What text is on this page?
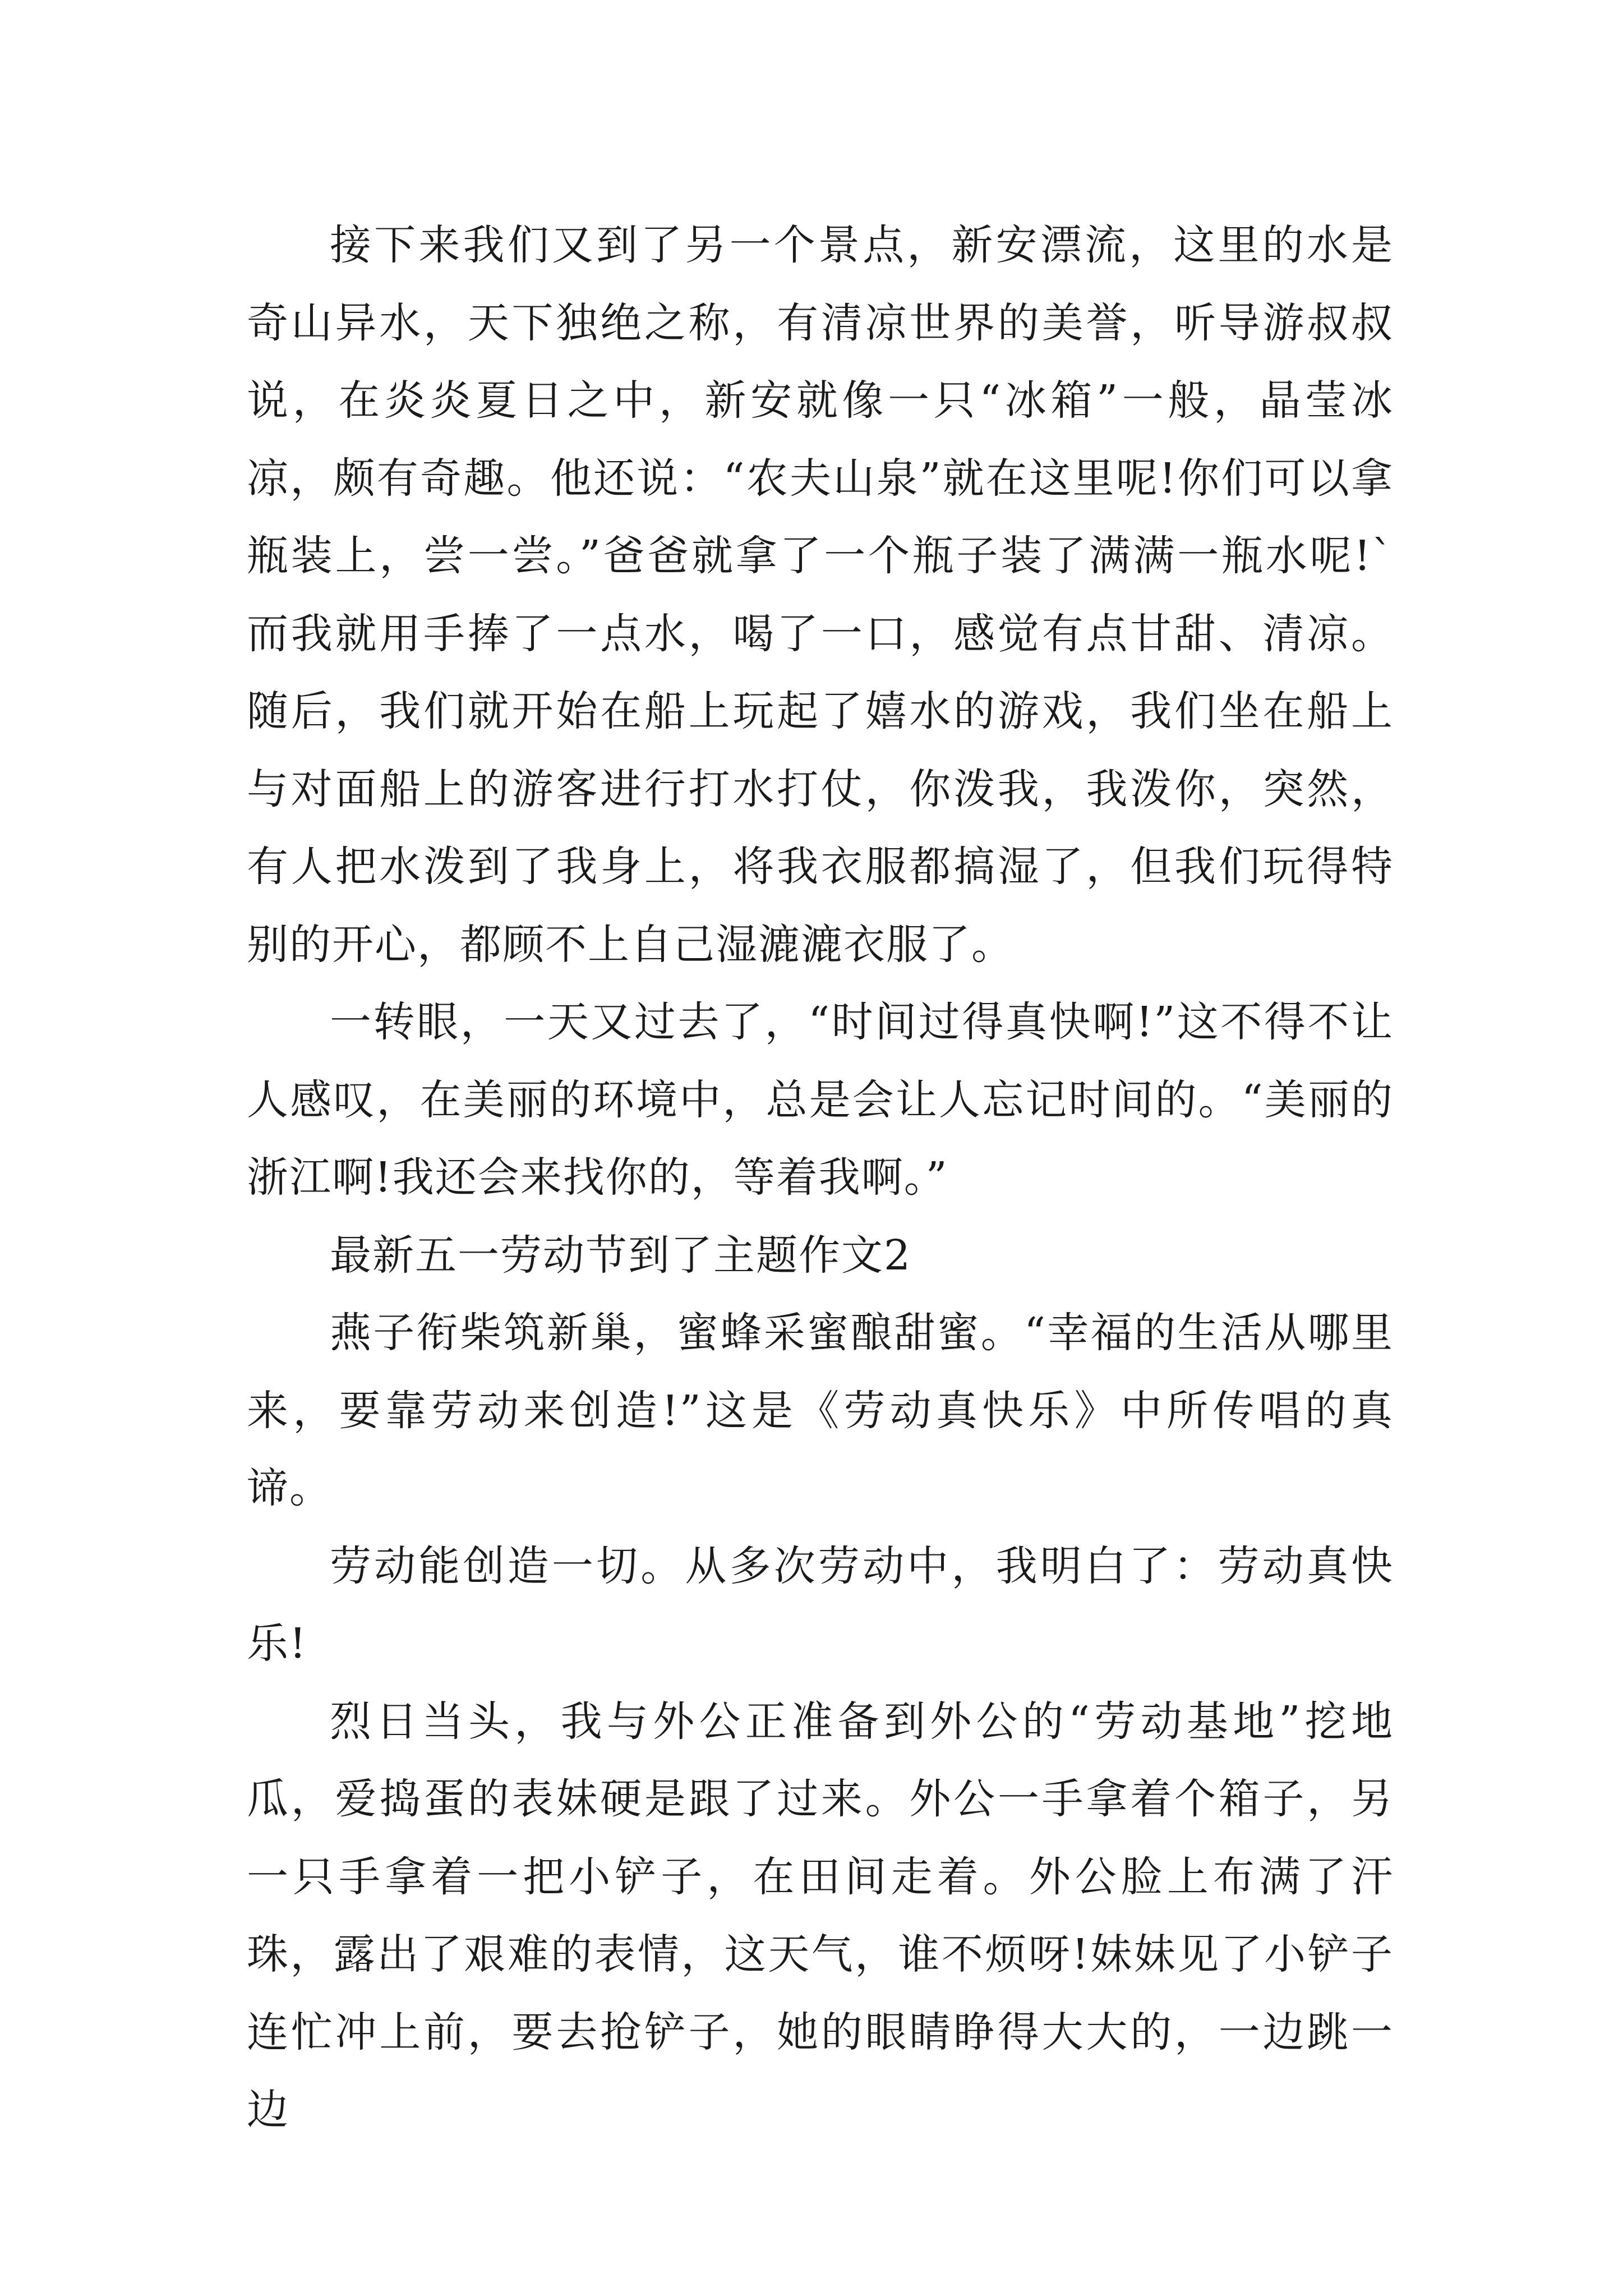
接下来我们又到了另一个景点，新安漂流，这里的水是奇山异水，天下独绝之称，有清凉世界的美誉，听导游叔叔说，在炎炎夏日之中，新安就像一只“冰箱”一般，晶莹冰凉，颇有奇趣。他还说：“农夫山泉”就在这里呢!你们可以拿瓶装上，尝一尝。”爸爸就拿了一个瓶子装了满满一瓶水呢!`而我就用手捧了一点水，喝了一口，感觉有点甘甜、清凉。随后，我们就开始在船上玩起了嬉水的游戏，我们坐在船上与对面船上的游客进行打水打仗，你泼我，我泼你，突然，有人把水泼到了我身上，将我衣服都搞湿了，但我们玩得特别的开心，都顾不上自己湿漉漉衣服了。

一转眼，一天又过去了，“时间过得真快啊!”这不得不让人感叹，在美丽的环境中，总是会让人忘记时间的。“美丽的浙江啊!我还会来找你的，等着我啊。”

最新五一劳动节到了主题作文2

燕子衔柴筑新巢，蜜蜂采蜜酿甜蜜。“幸福的生活从哪里来，要靠劳动来创造!”这是《劳动真快乐》中所传唱的真谛。

劳动能创造一切。从多次劳动中，我明白了：劳动真快乐!

烈日当头，我与外公正准备到外公的“劳动基地”挖地瓜，爱捣蛋的表妹硬是跟了过来。外公一手拿着个箱子，另一只手拿着一把小铲子，在田间走着。外公脸上布满了汗珠，露出了艰难的表情，这天气，谁不烦呀!妹妹见了小铲子连忙冲上前，要去抢铲子，她的眼睛睁得大大的，一边跳一边
